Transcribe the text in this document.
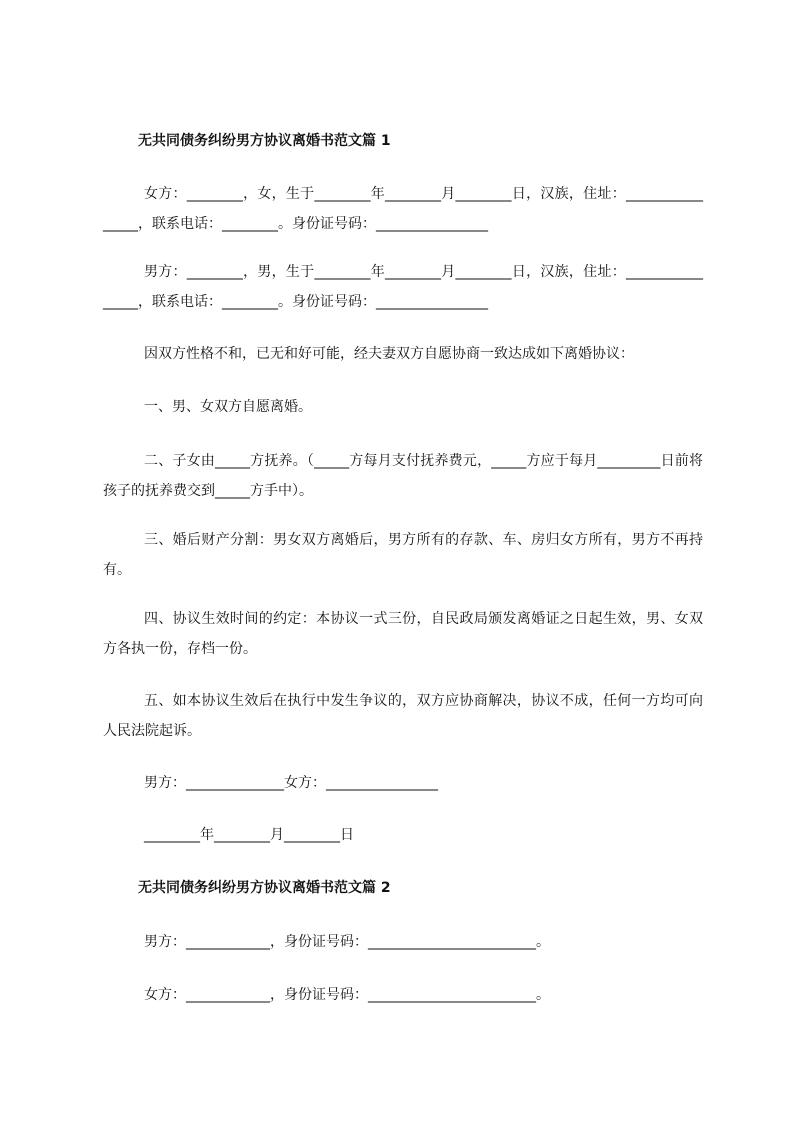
无共同债务纠纷男方协议离婚书范文篇 1
女方：________，女，生于________年________月________日，汉族，住址：________________，联系电话：________。身份证号码：________________
男方：________，男，生于________年________月________日，汉族，住址：________________，联系电话：________。身份证号码：________________
因双方性格不和，已无和好可能，经夫妻双方自愿协商一致达成如下离婚协议：
一、男、女双方自愿离婚。
二、子女由_____方抚养。（_____方每月支付抚养费元，_____方应于每月_________日前将孩子的抚养费交到_____方手中）。
三、婚后财产分割：男女双方离婚后，男方所有的存款、车、房归女方所有，男方不再持有。
四、协议生效时间的约定：本协议一式三份，自民政局颁发离婚证之日起生效，男、女双方各执一份，存档一份。
五、如本协议生效后在执行中发生争议的，双方应协商解决，协议不成，任何一方均可向人民法院起诉。
男方：______________女方：________________
________年________月________日
无共同债务纠纷男方协议离婚书范文篇 2
男方：____________，身份证号码：________________________。
女方：____________，身份证号码：________________________。
